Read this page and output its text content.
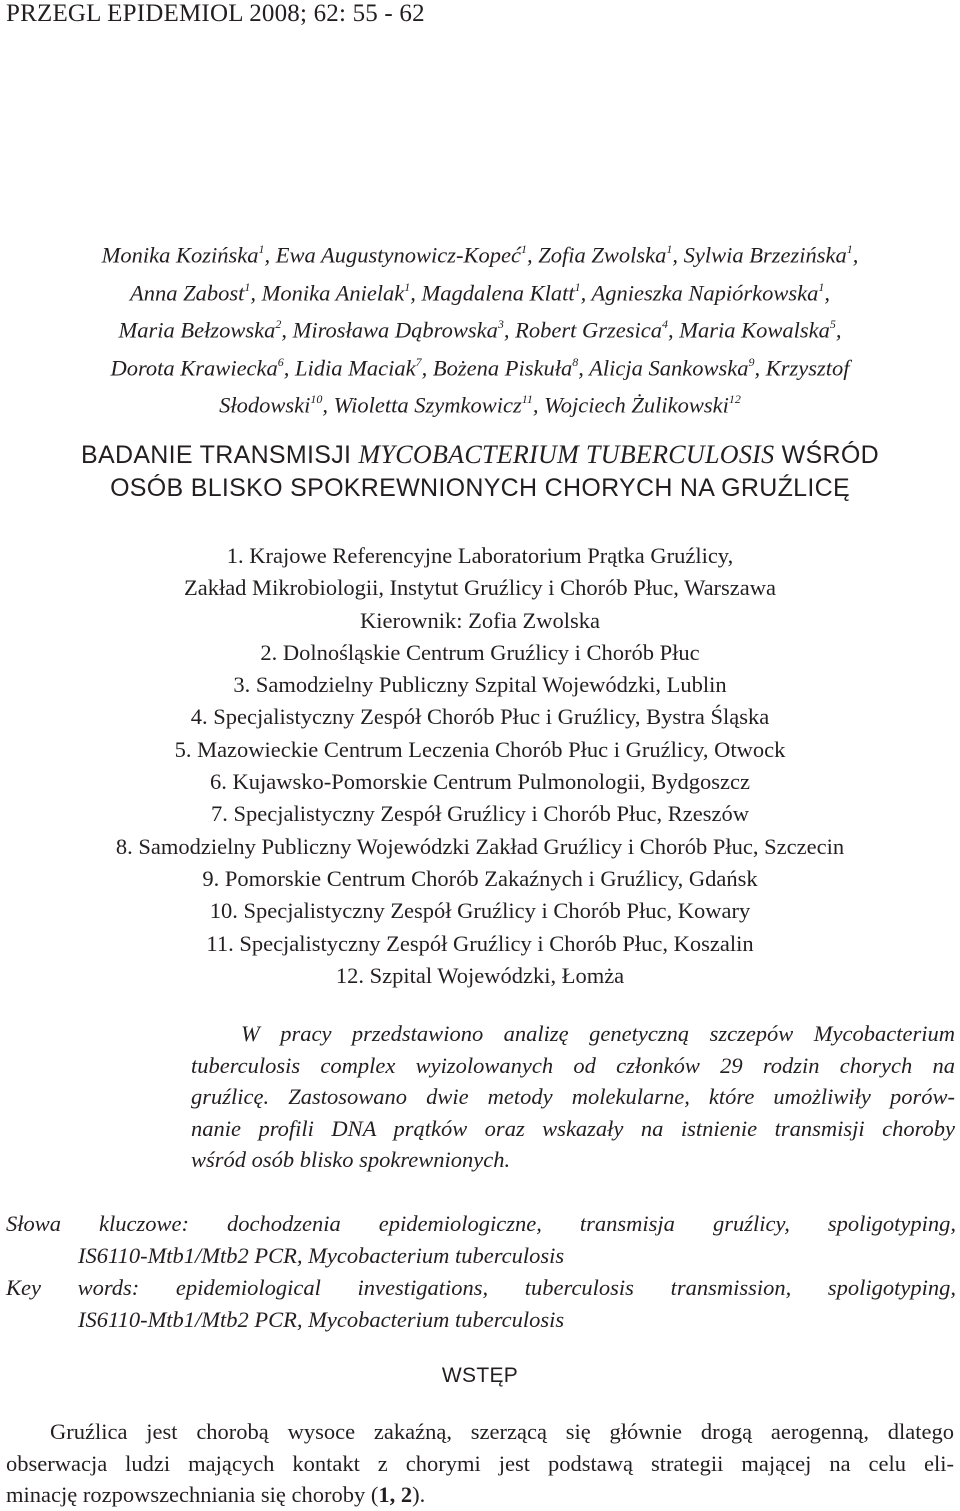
PRZEGL EPIDEMIOL 2008; 62: 55 - 62
Monika Kozińska$^1$, Ewa Augustynowicz-Kopeć$^1$, Zofia Zwolska$^1$, Sylwia Brzezińska$^1$,
Anna Zabost$^1$, Monika Anielak$^1$, Magdalena Klatt$^1$, Agnieszka Napiórkowska$^1$,
Maria Bełzowska$^2$, Mirosława Dąbrowska$^3$, Robert Grzesica$^4$, Maria Kowalska$^5$,
Dorota Krawiecka$^6$, Lidia Maciak$^7$, Bożena Piskuła$^8$, Alicja Sankowska$^9$, Krzysztof
Słodowski$^{10}$, Wioletta Szymkowicz$^{11}$, Wojciech Żulikowski$^{12}$
BADANIE TRANSMISJI MYCOBACTERIUM TUBERCULOSIS WŚRÓD
OSÓB BLISKO SPOKREWNIONYCH CHORYCH NA GRUŹLICĘ
1. Krajowe Referencyjne Laboratorium Prątka Gruźlicy,
Zakład Mikrobiologii, Instytut Gruźlicy i Chorób Płuc, Warszawa
Kierownik: Zofia Zwolska
2. Dolnośląskie Centrum Gruźlicy i Chorób Płuc
3. Samodzielny Publiczny Szpital Wojewódzki, Lublin
4. Specjalistyczny Zespół Chorób Płuc i Gruźlicy, Bystra Śląska
5. Mazowieckie Centrum Leczenia Chorób Płuc i Gruźlicy, Otwock
6. Kujawsko-Pomorskie Centrum Pulmonologii, Bydgoszcz
7. Specjalistyczny Zespół Gruźlicy i Chorób Płuc, Rzeszów
8. Samodzielny Publiczny Wojewódzki Zakład Gruźlicy i Chorób Płuc, Szczecin
9. Pomorskie Centrum Chorób Zakaźnych i Gruźlicy, Gdańsk
10. Specjalistyczny Zespół Gruźlicy i Chorób Płuc, Kowary
11. Specjalistyczny Zespół Gruźlicy i Chorób Płuc, Koszalin
12. Szpital Wojewódzki, Łomża
W pracy przedstawiono analizę genetyczną szczepów Mycobacterium
tuberculosis complex wyizolowanych od członków 29 rodzin chorych na
gruźlicę. Zastosowano dwie metody molekularne, które umożliwiły porów-
nanie profili DNA prątków oraz wskazały na istnienie transmisji choroby
wśród osób blisko spokrewnionych.
Słowa kluczowe: dochodzenia epidemiologiczne, transmisja gruźlicy, spoligotyping,
IS6110-Mtb1/Mtb2 PCR, Mycobacterium tuberculosis
Key words: epidemiological investigations, tuberculosis transmission, spoligotyping,
IS6110-Mtb1/Mtb2 PCR, Mycobacterium tuberculosis
WSTĘP
Gruźlica jest chorobą wysoce zakaźną, szerzącą się głównie drogą aerogenną, dlatego
obserwacja ludzi mających kontakt z chorymi jest podstawą strategii mającej na celu eli-
minację rozpowszechniania się choroby (1, 2).
